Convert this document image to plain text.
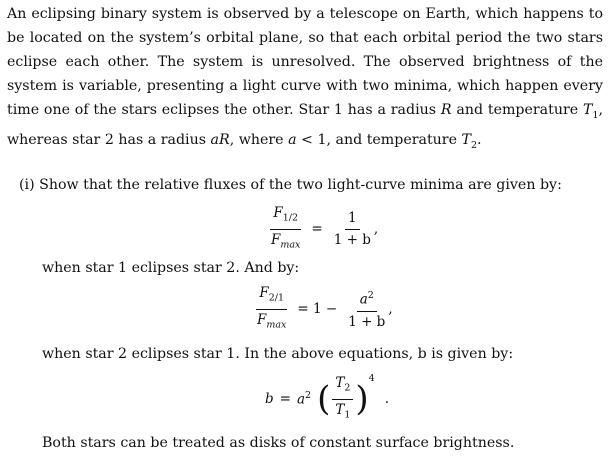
An eclipsing binary system is observed by a telescope on Earth, which happens to be located on the system’s orbital plane, so that each orbital period the two stars eclipse each other. The system is unresolved. The observed brightness of the system is variable, presenting a light curve with two minima, which happen every time one of the stars eclipses the other. Star 1 has a radius R and temperature $T_1$, whereas star 2 has a radius aR, where a < 1, and temperature $T_2$.

(i) Show that the relative fluxes of the two light-curve minima are given by:

$\frac{F_{1/2}}{F_{max}} = \frac{1}{1 + b}$ ,

when star 1 eclipses star 2. And by:

$\frac{F_{2/1}}{F_{max}} = 1 - \frac{a^2}{1 + b}$ ,

when star 2 eclipses star 1. In the above equations, b is given by:

$b = a^2$ ( $\frac{T_2}{T_1}$ )
4
.

Both stars can be treated as disks of constant surface brightness.
